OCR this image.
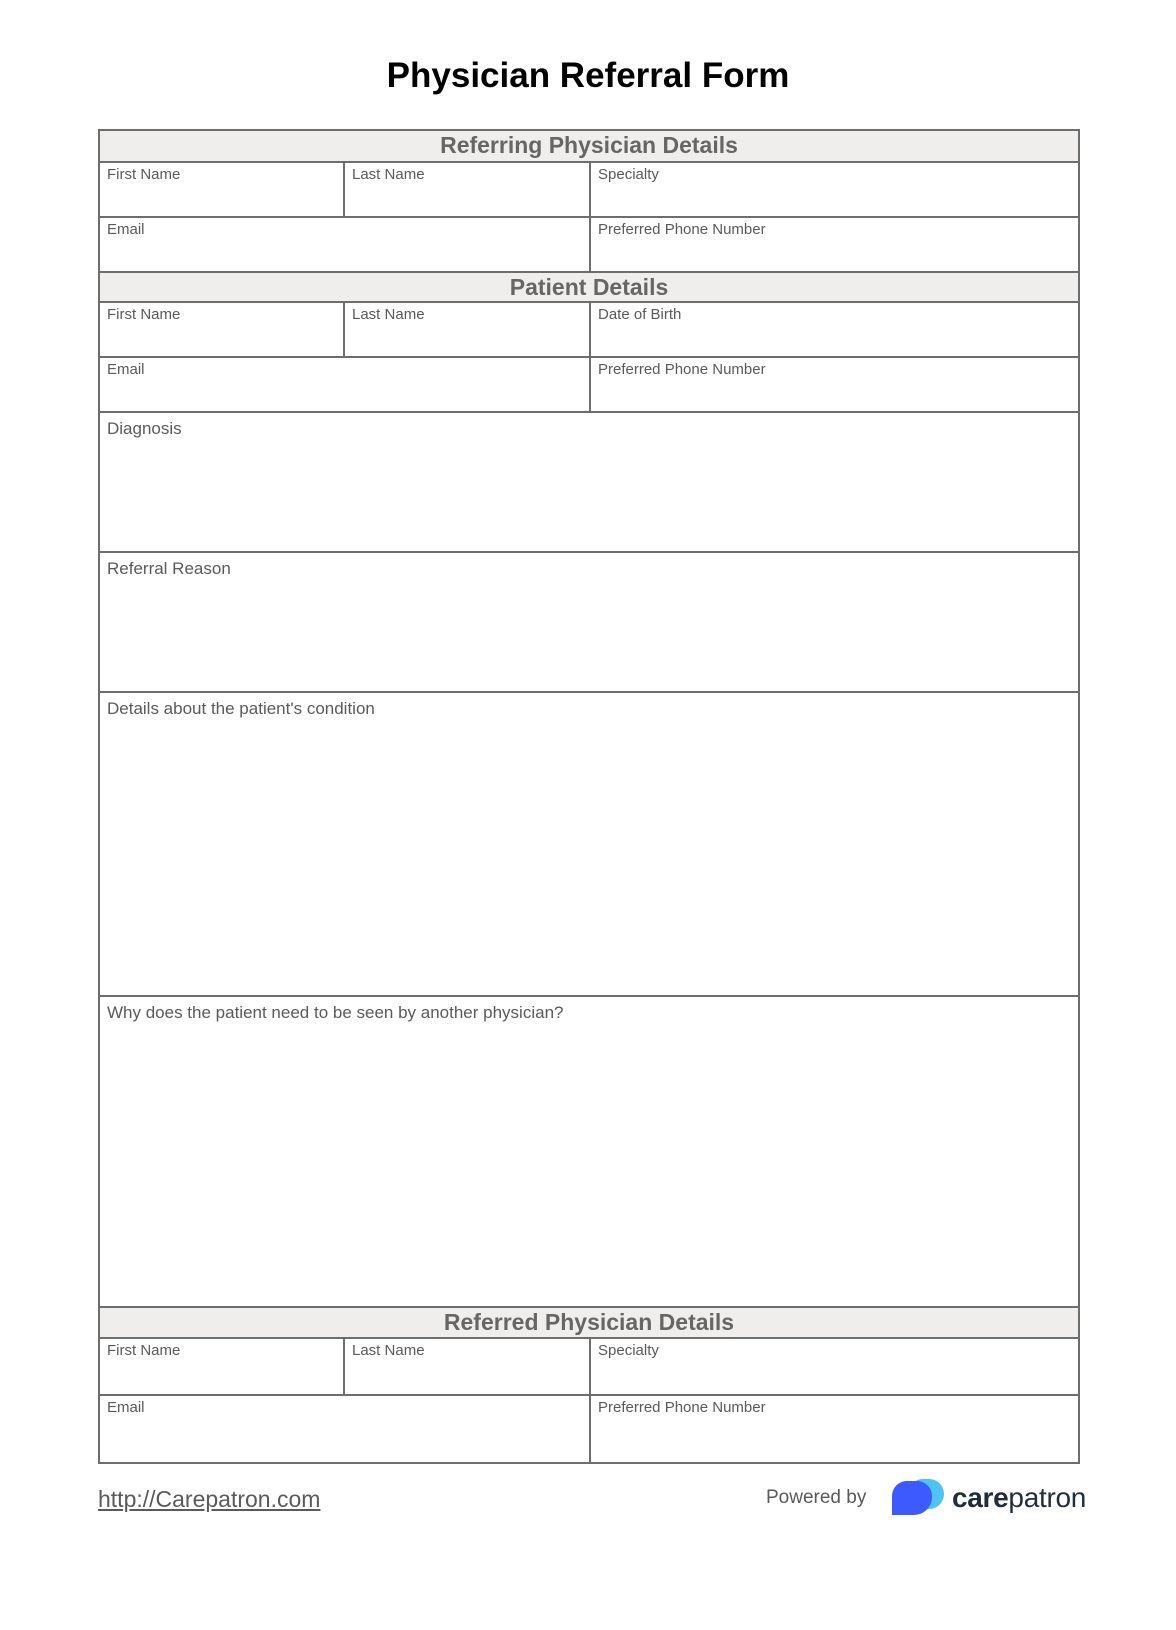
Physician Referral Form
Referring Physician Details
First Name	Last Name	Specialty
Email	Preferred Phone Number
Patient Details
First Name	Last Name	Date of Birth
Email	Preferred Phone Number
Diagnosis
Referral Reason
Details about the patient's condition
Why does the patient need to be seen by another physician?
Referred Physician Details
First Name	Last Name	Specialty
Email	Preferred Phone Number
http://Carepatron.com	Powered by	carepatron
